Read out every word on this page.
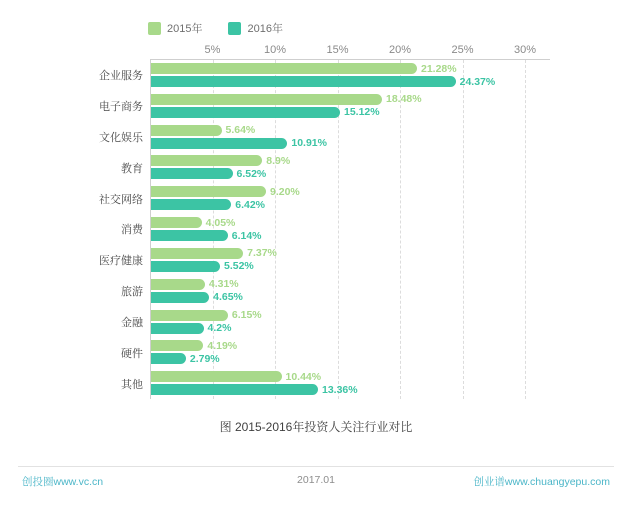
2015年	2016年
5%	10%	15%	20%	25%	30%
企业服务
21.28%
24.37%
电子商务
18.48%
15.12%
文化娱乐
5.64%
10.91%
教育
8.9%
6.52%
社交网络
9.20%
6.42%
消费
4.05%
6.14%
医疗健康
7.37%
5.52%
旅游
4.31%
4.65%
金融
6.15%
4.2%
硬件
4.19%
2.79%
其他
10.44%
13.36%
图 2015-2016年投资人关注行业对比
创投圈www.vc.cn	2017.01	创业谱www.chuangyepu.com
